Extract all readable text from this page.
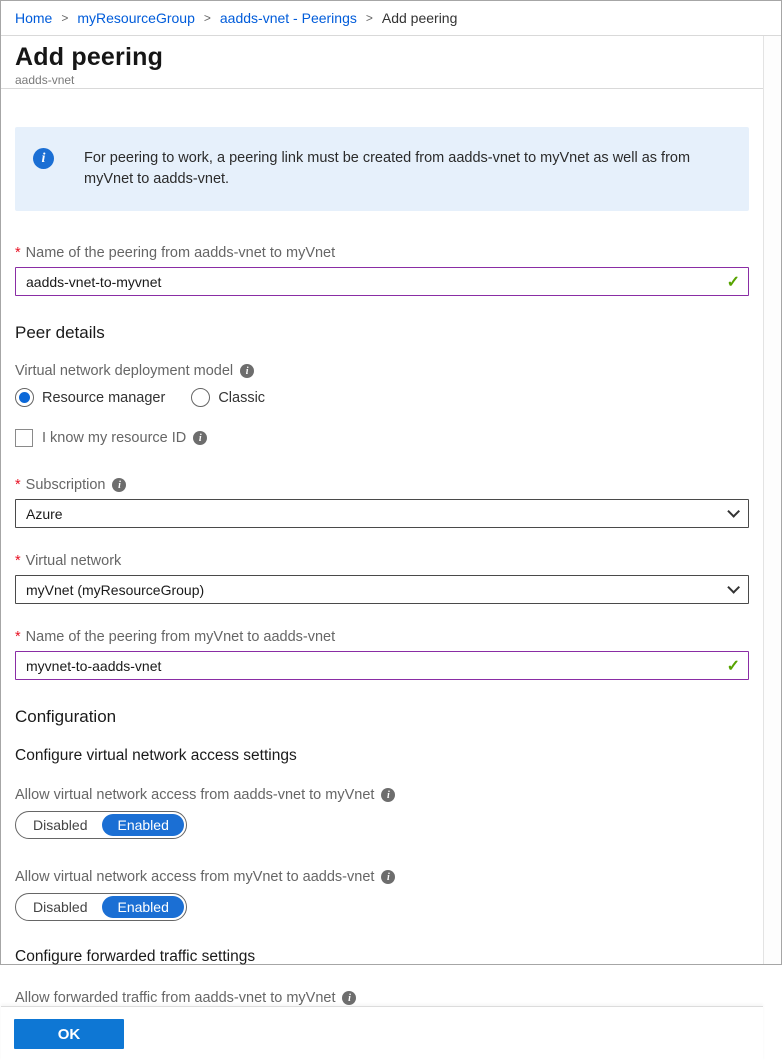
Home > myResourceGroup > aadds-vnet - Peerings > Add peering
Add peering
aadds-vnet
i	For peering to work, a peering link must be created from aadds-vnet to myVnet as well as from myVnet to aadds-vnet.
* Name of the peering from aadds-vnet to myVnet
aadds-vnet-to-myvnet
✓
Peer details
Virtual network deployment model	i
Resource manager	Classic
I know my resource ID	i
* Subscription	i
Azure
* Virtual network
myVnet (myResourceGroup)
* Name of the peering from myVnet to aadds-vnet
myvnet-to-aadds-vnet
✓
Configuration
Configure virtual network access settings
Allow virtual network access from aadds-vnet to myVnet	i
Disabled	Enabled
Allow virtual network access from myVnet to aadds-vnet	i
Disabled	Enabled
Configure forwarded traffic settings
Allow forwarded traffic from aadds-vnet to myVnet	i
OK
